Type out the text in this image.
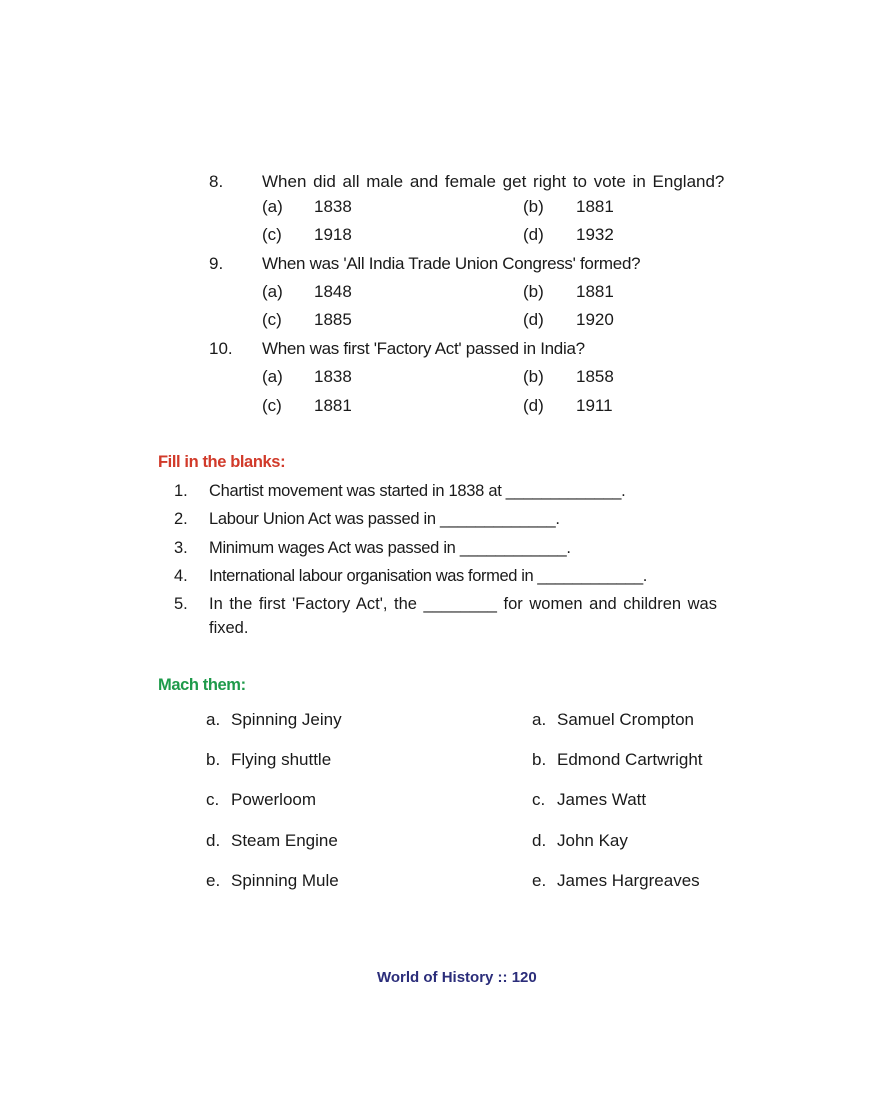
8. When did all male and female get right to vote in England?
(a) 1838	(b) 1881
(c) 1918	(d) 1932
9. When was 'All India Trade Union Congress' formed?
(a) 1848	(b) 1881
(c) 1885	(d) 1920
10. When was first 'Factory Act' passed in India?
(a) 1838	(b) 1858
(c) 1881	(d) 1911
Fill in the blanks:
1. Chartist movement was started in 1838 at _____________.
2. Labour Union Act was passed in _____________.
3. Minimum wages Act was passed in ____________.
4. International labour organisation was formed in ____________.
5. In the first 'Factory Act', the ________ for women and children was
fixed.
Mach them:
a. Spinning Jeiny	a. Samuel Crompton
b. Flying shuttle	b. Edmond Cartwright
c. Powerloom	c. James Watt
d. Steam Engine	d. John Kay
e. Spinning Mule	e. James Hargreaves
World of History :: 120
